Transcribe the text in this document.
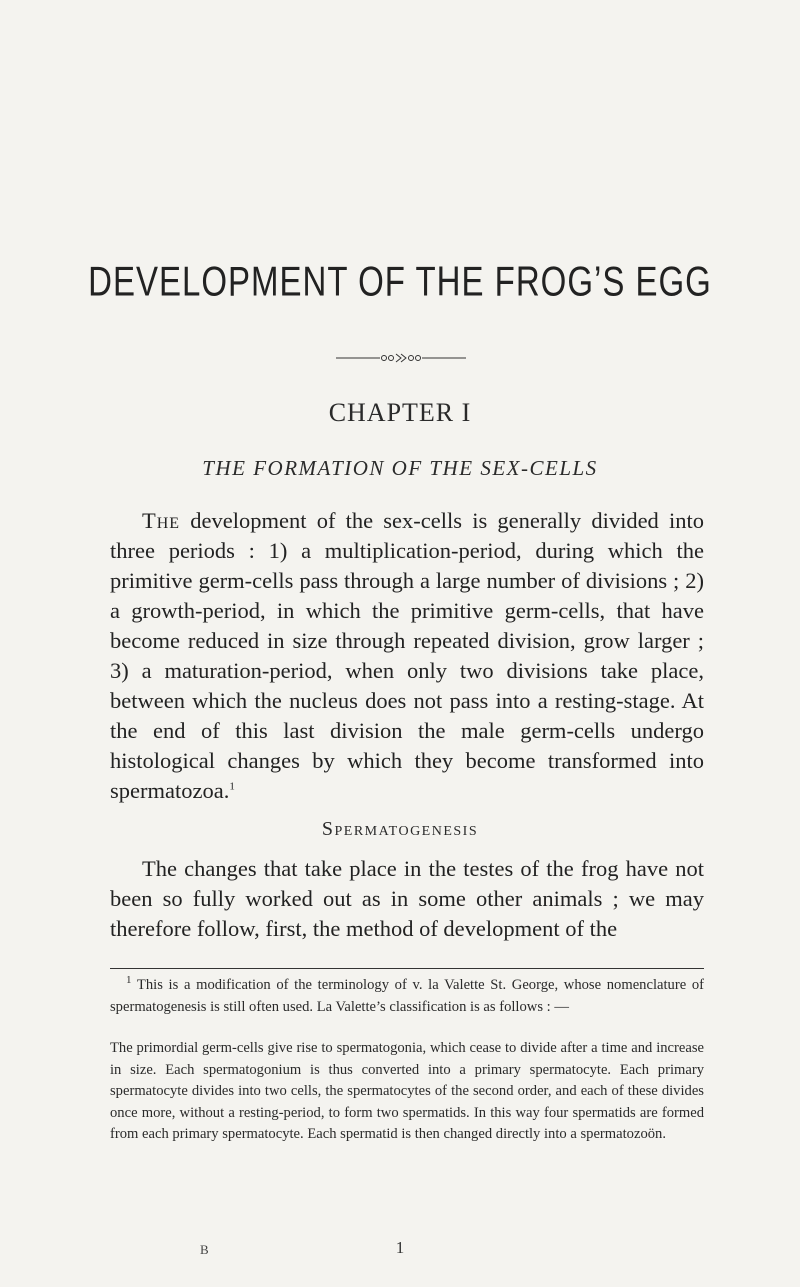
DEVELOPMENT OF THE FROG’S EGG
CHAPTER I
THE FORMATION OF THE SEX-CELLS

The development of the sex-cells is generally divided into three periods : 1) a multiplication-period, during which the primitive germ-cells pass through a large number of divisions ; 2) a growth-period, in which the primitive germ-cells, that have become reduced in size through repeated division, grow larger ; 3) a maturation-period, when only two divisions take place, between which the nucleus does not pass into a resting-stage. At the end of this last division the male germ-cells undergo histological changes by which they become transformed into spermatozoa.$^1$

Spermatogenesis

The changes that take place in the testes of the frog have not been so fully worked out as in some other animals ; we may therefore follow, first, the method of development of the

$^1$ This is a modification of the terminology of v. la Valette St. George, whose nomenclature of spermatogenesis is still often used. La Valette’s classification is as follows : —

The primordial germ-cells give rise to spermatogonia, which cease to divide after a time and increase in size. Each spermatogonium is thus converted into a primary spermatocyte. Each primary spermatocyte divides into two cells, the spermatocytes of the second order, and each of these divides once more, without a resting-period, to form two spermatids. In this way four spermatids are formed from each primary spermatocyte. Each spermatid is then changed directly into a spermatozoön.

B	1
